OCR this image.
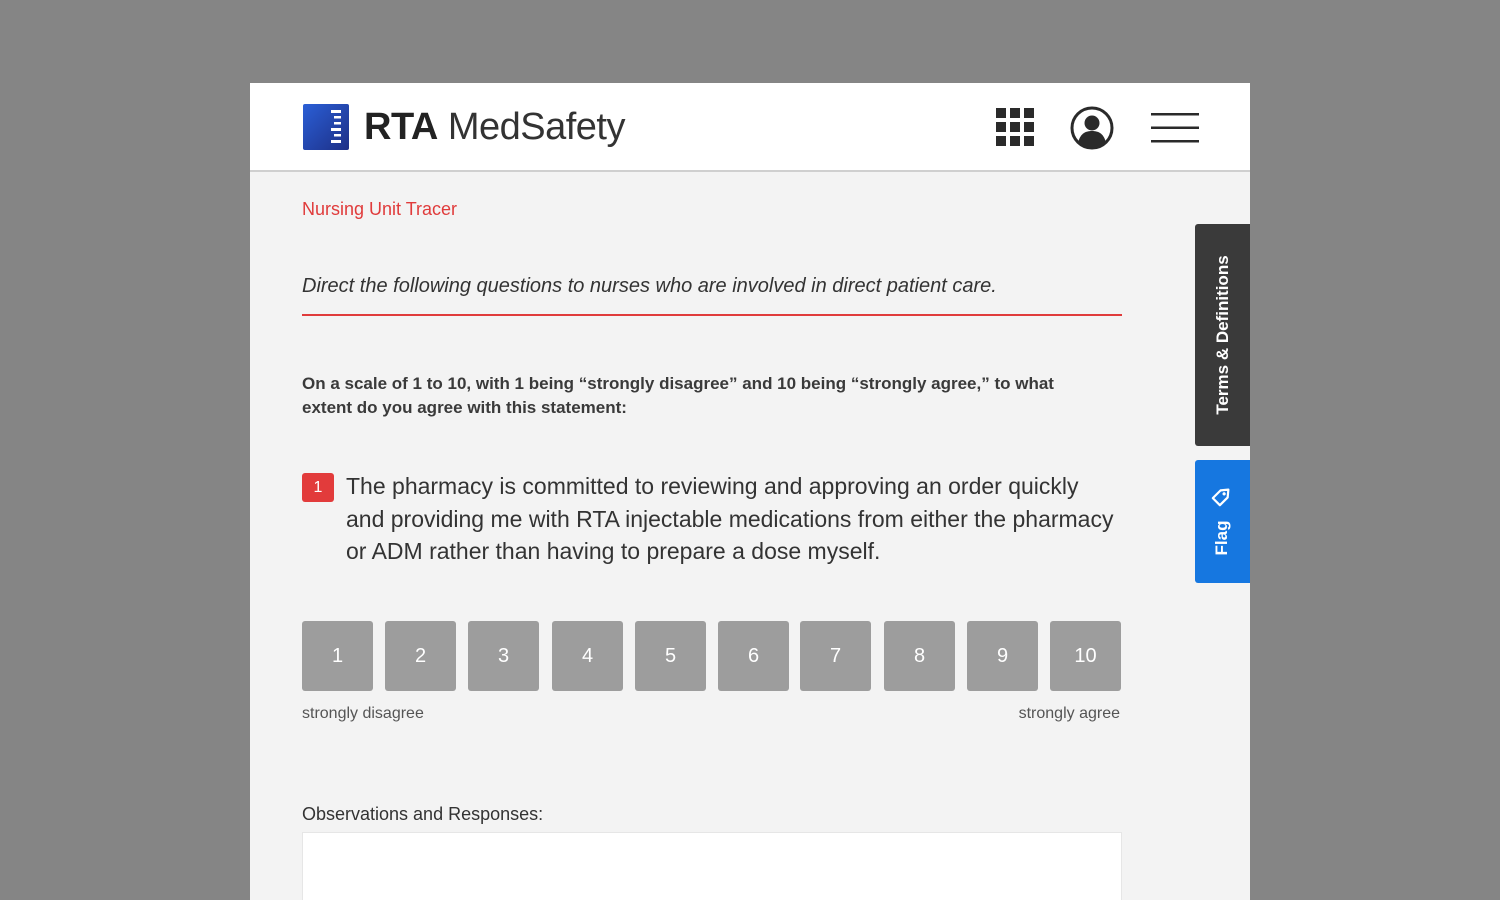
RTA MedSafety
Nursing Unit Tracer
Direct the following questions to nurses who are involved in direct patient care.
On a scale of 1 to 10, with 1 being “strongly disagree” and 10 being “strongly agree,” to what extent do you agree with this statement:
1	The pharmacy is committed to reviewing and approving an order quickly and providing me with RTA injectable medications from either the pharmacy or ADM rather than having to prepare a dose myself.
1	2	3	4	5	6	7	8	9	10
strongly disagree	strongly agree
Observations and Responses:
Terms & Definitions
Flag
